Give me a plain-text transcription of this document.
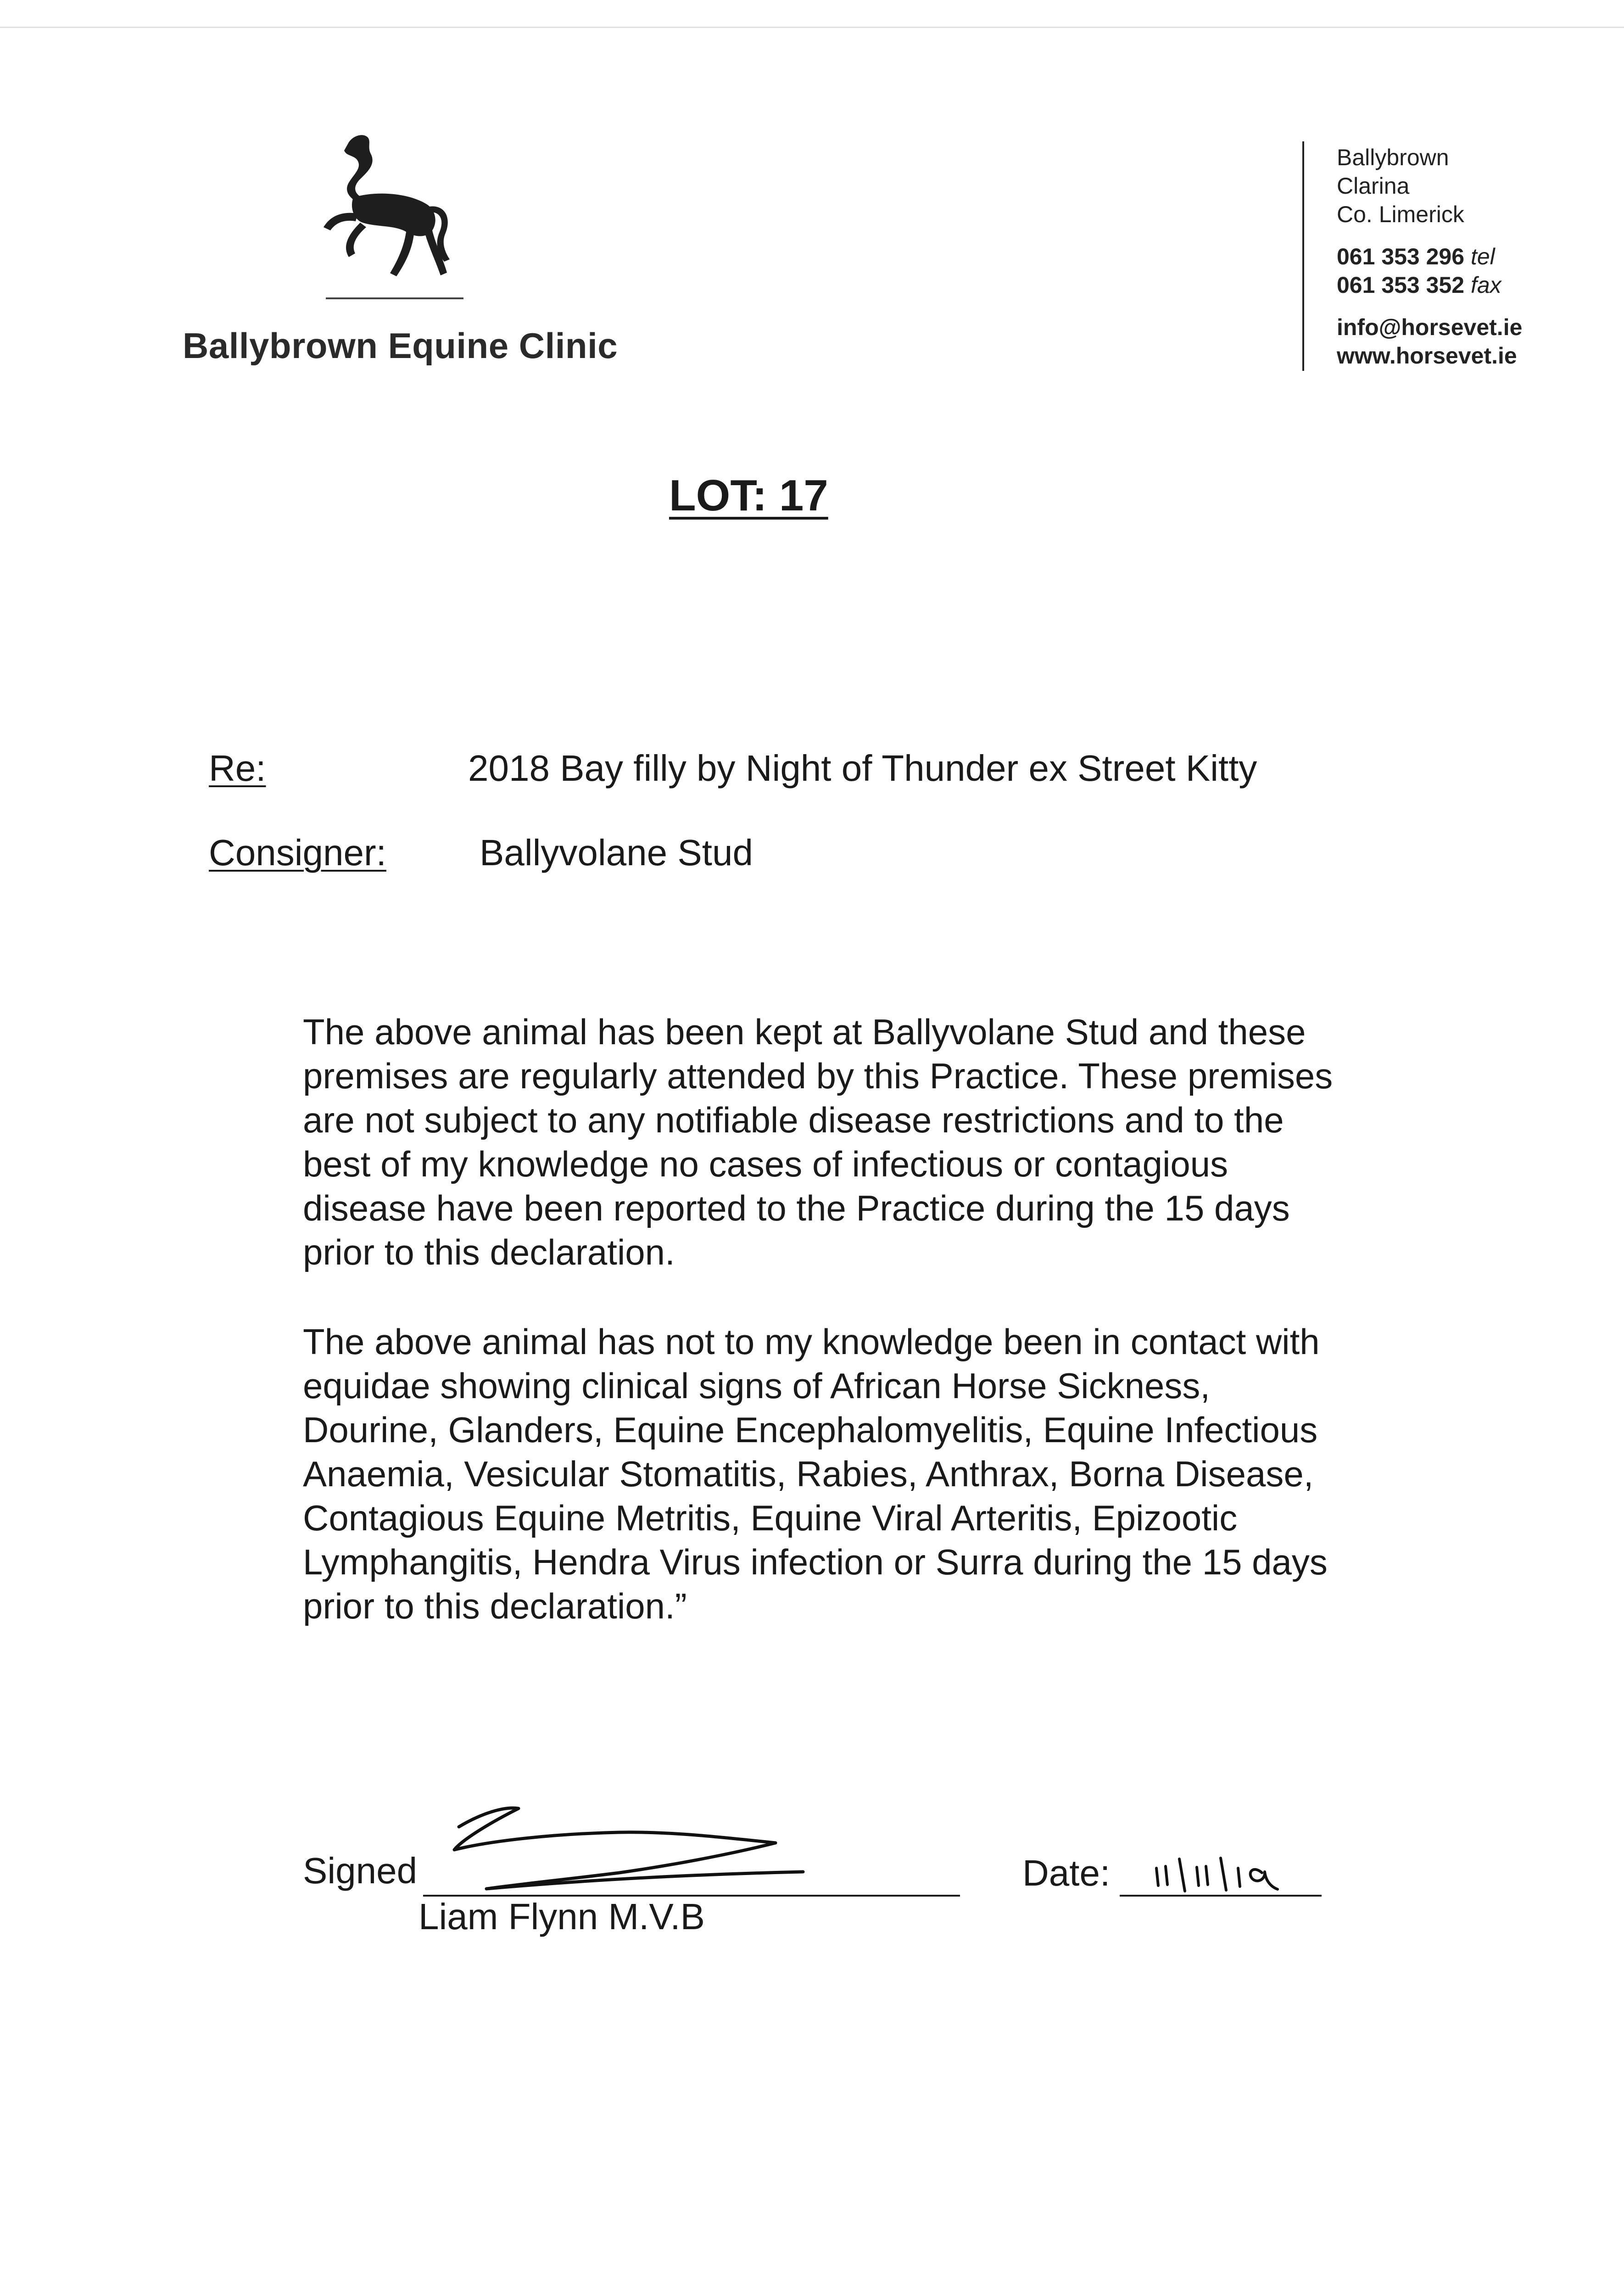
Ballybrown Equine Clinic
Ballybrown
Clarina
Co. Limerick
061 353 296 tel
061 353 352 fax
info@horsevet.ie
www.horsevet.ie
LOT: 17
Re:	2018 Bay filly by Night of Thunder ex Street Kitty
Consigner:	Ballyvolane Stud
The above animal has been kept at Ballyvolane Stud and these premises are regularly attended by this Practice. These premises are not subject to any notifiable disease restrictions and to the best of my knowledge no cases of infectious or contagious disease have been reported to the Practice during the 15 days prior to this declaration.
The above animal has not to my knowledge been in contact with equidae showing clinical signs of African Horse Sickness, Dourine, Glanders, Equine Encephalomyelitis, Equine Infectious Anaemia, Vesicular Stomatitis, Rabies, Anthrax, Borna Disease, Contagious Equine Metritis, Equine Viral Arteritis, Epizootic Lymphangitis, Hendra Virus infection or Surra during the 15 days prior to this declaration.”
Signed
Liam Flynn M.V.B
Date:
